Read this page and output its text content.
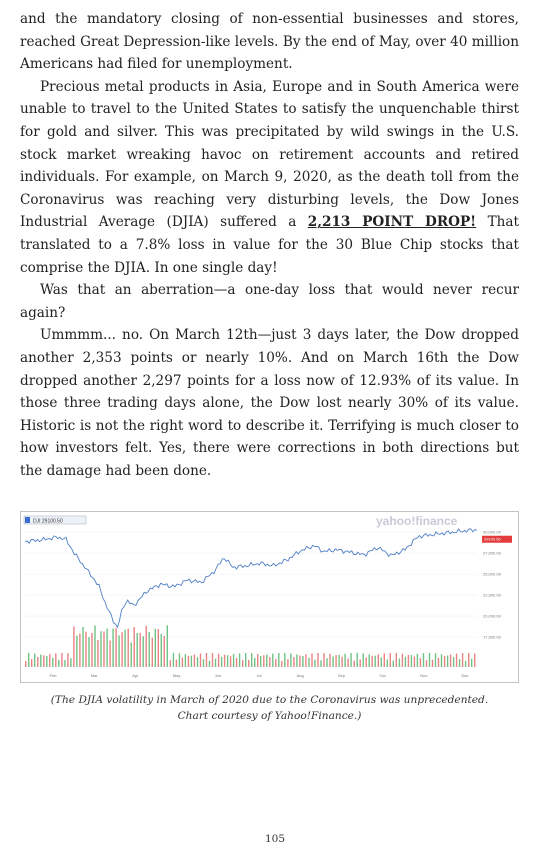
and the mandatory closing of non-essential businesses and stores, reached Great Depression-like levels. By the end of May, over 40 million Americans had filed for unemployment.

Precious metal products in Asia, Europe and in South America were unable to travel to the United States to satisfy the unquenchable thirst for gold and silver. This was precipitated by wild swings in the U.S. stock market wreaking havoc on retirement accounts and retired individuals. For example, on March 9, 2020, as the death toll from the Coronavirus was reaching very disturbing levels, the Dow Jones Industrial Average (DJIA) suffered a 2,213 POINT DROP! That translated to a 7.8% loss in value for the 30 Blue Chip stocks that comprise the DJIA. In one single day!

Was that an aberration—a one-day loss that would never recur again?

Ummmm... no. On March 12th—just 3 days later, the Dow dropped another 2,353 points or nearly 10%. And on March 16th the Dow dropped another 2,297 points for a loss now of 12.93% of its value. In those three trading days alone, the Dow lost nearly 30% of its value. Historic is not the right word to describe it. Terrifying is much closer to how investors felt. Yes, there were corrections in both directions but the damage had been done.

DJI 29100.50	yahoo!finance
30,000.00
27,500.00
25,000.00
22,500.00
20,000.00
17,500.00
29100.50
Feb	Mar	Apr	May	Jun	Jul	Aug	Sep	Oct	Nov	Dec
(The DJIA volatility in March of 2020 due to the Coronavirus was unprecedented.
Chart courtesy of Yahoo!Finance.)
105
